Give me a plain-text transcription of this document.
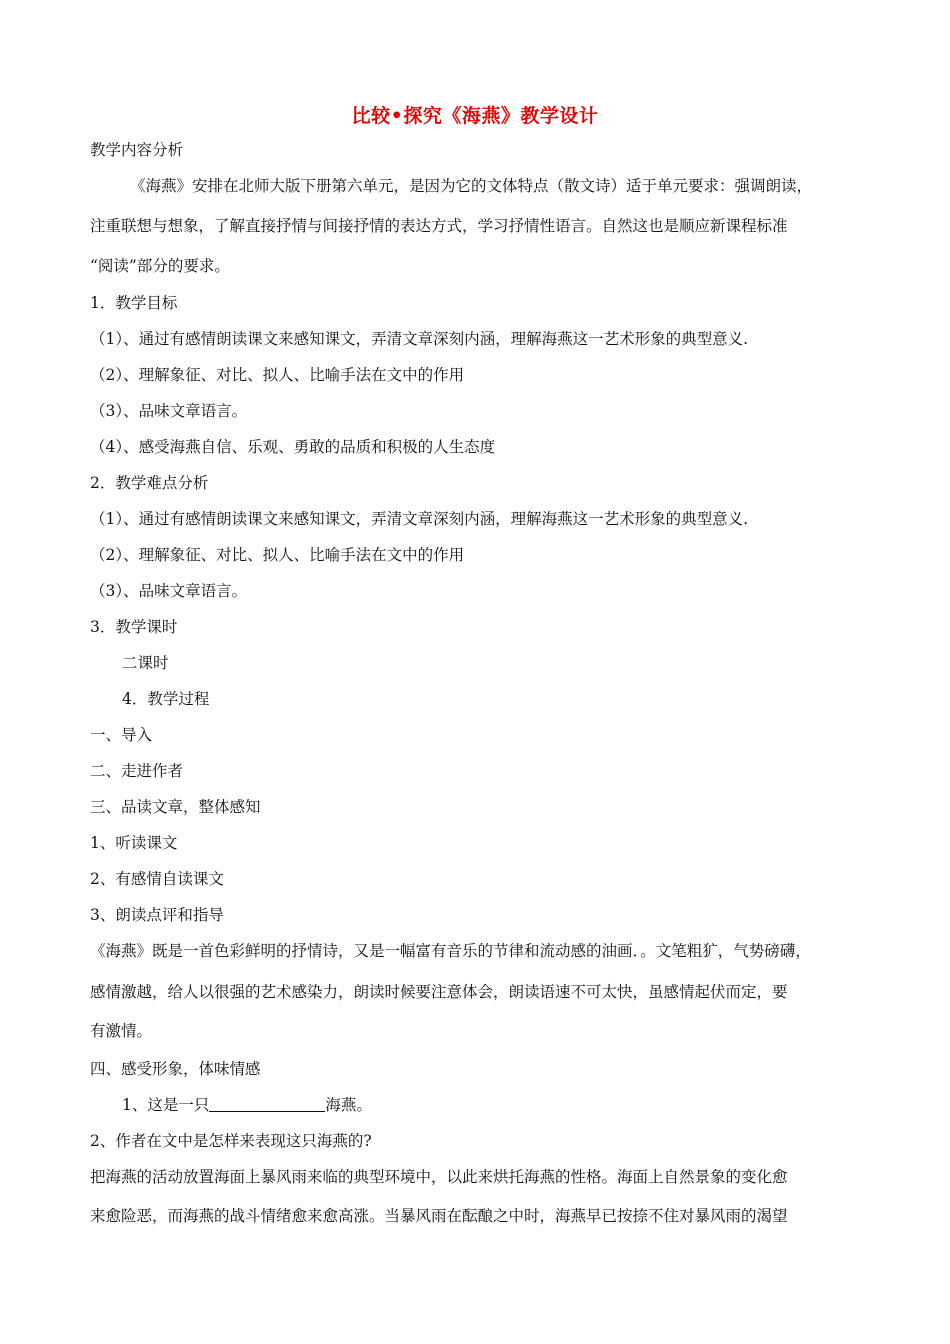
比较•探究《海燕》教学设计
教学内容分析
《海燕》安排在北师大版下册第六单元，是因为它的文体特点（散文诗）适于单元要求：强调朗读，
注重联想与想象，了解直接抒情与间接抒情的表达方式，学习抒情性语言。自然这也是顺应新课程标准
“阅读”部分的要求。
1．教学目标
（1）、通过有感情朗读课文来感知课文，弄清文章深刻内涵，理解海燕这一艺术形象的典型意义.
（2）、理解象征、对比、拟人、比喻手法在文中的作用
（3）、品味文章语言。
（4）、感受海燕自信、乐观、勇敢的品质和积极的人生态度
2．教学难点分析
（1）、通过有感情朗读课文来感知课文，弄清文章深刻内涵，理解海燕这一艺术形象的典型意义.
（2）、理解象征、对比、拟人、比喻手法在文中的作用
（3）、品味文章语言。
3．教学课时
二课时
4．教学过程
一、导入
二、走进作者
三、品读文章，整体感知
1、听读课文
2、有感情自读课文
3、朗读点评和指导
《海燕》既是一首色彩鲜明的抒情诗，又是一幅富有音乐的节律和流动感的油画．。文笔粗犷，气势磅礴，
感情激越，给人以很强的艺术感染力，朗读时候要注意体会，朗读语速不可太快，虽感情起伏而定，要
有激情。
四、感受形象，体味情感
1、这是一只	海燕。
2、作者在文中是怎样来表现这只海燕的?
把海燕的活动放置海面上暴风雨来临的典型环境中，以此来烘托海燕的性格。海面上自然景象的变化愈
来愈险恶，而海燕的战斗情绪愈来愈高涨。当暴风雨在酝酿之中时，海燕早已按捺不住对暴风雨的渴望
